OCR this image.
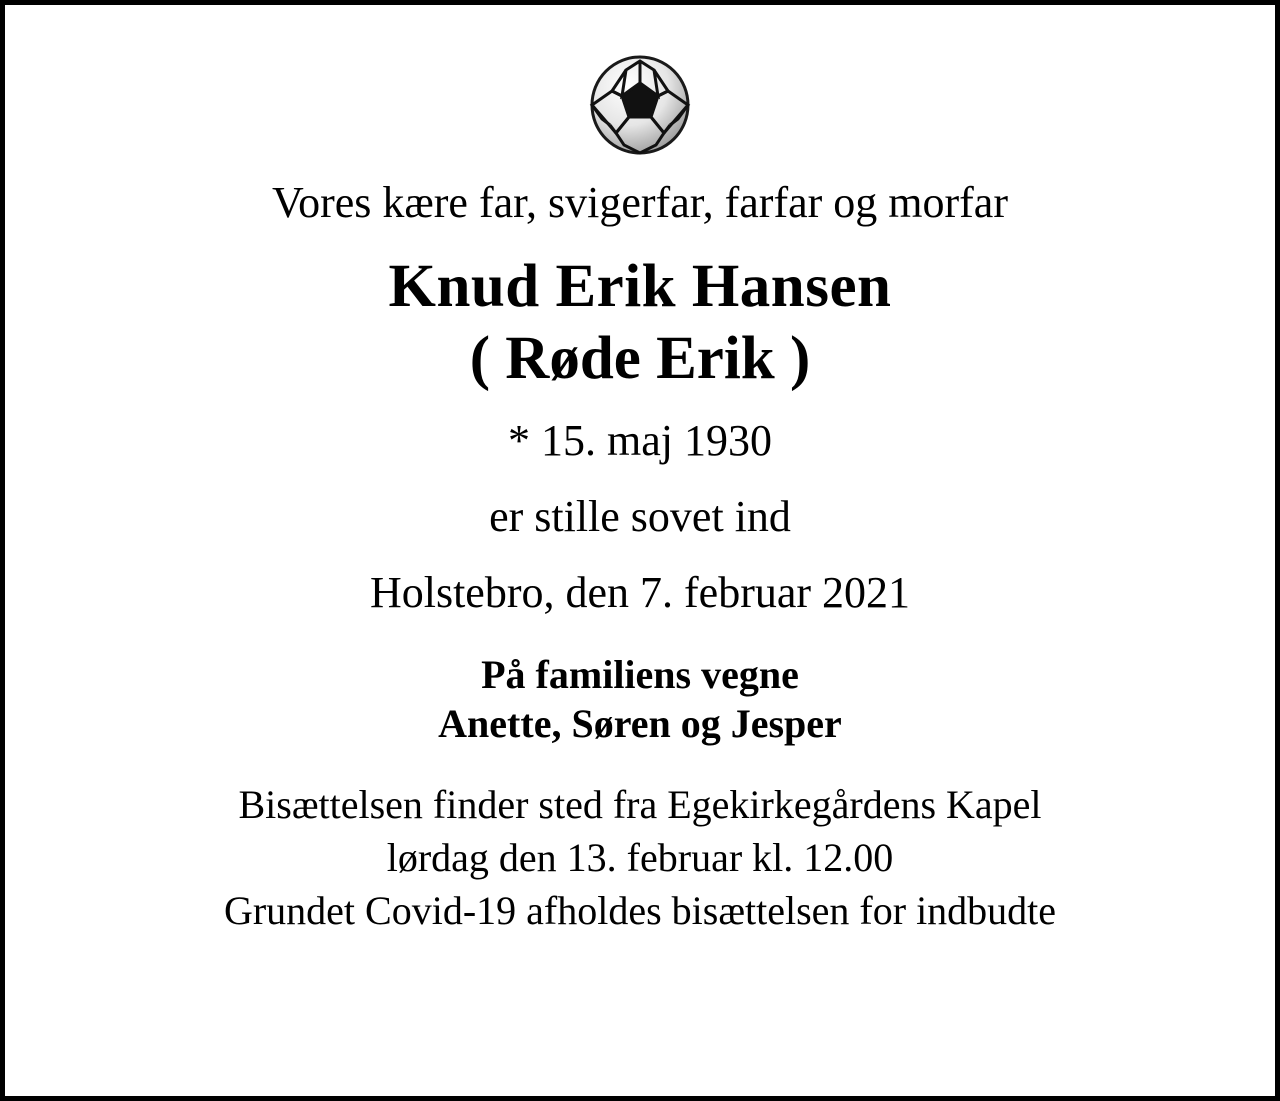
Vores kære far, svigerfar, farfar og morfar
Knud Erik Hansen
( Røde Erik )
* 15. maj 1930
er stille sovet ind
Holstebro, den 7. februar 2021
På familiens vegne
Anette, Søren og Jesper
Bisættelsen finder sted fra Egekirkegårdens Kapel
lørdag den 13. februar kl. 12.00
Grundet Covid-19 afholdes bisættelsen for indbudte
